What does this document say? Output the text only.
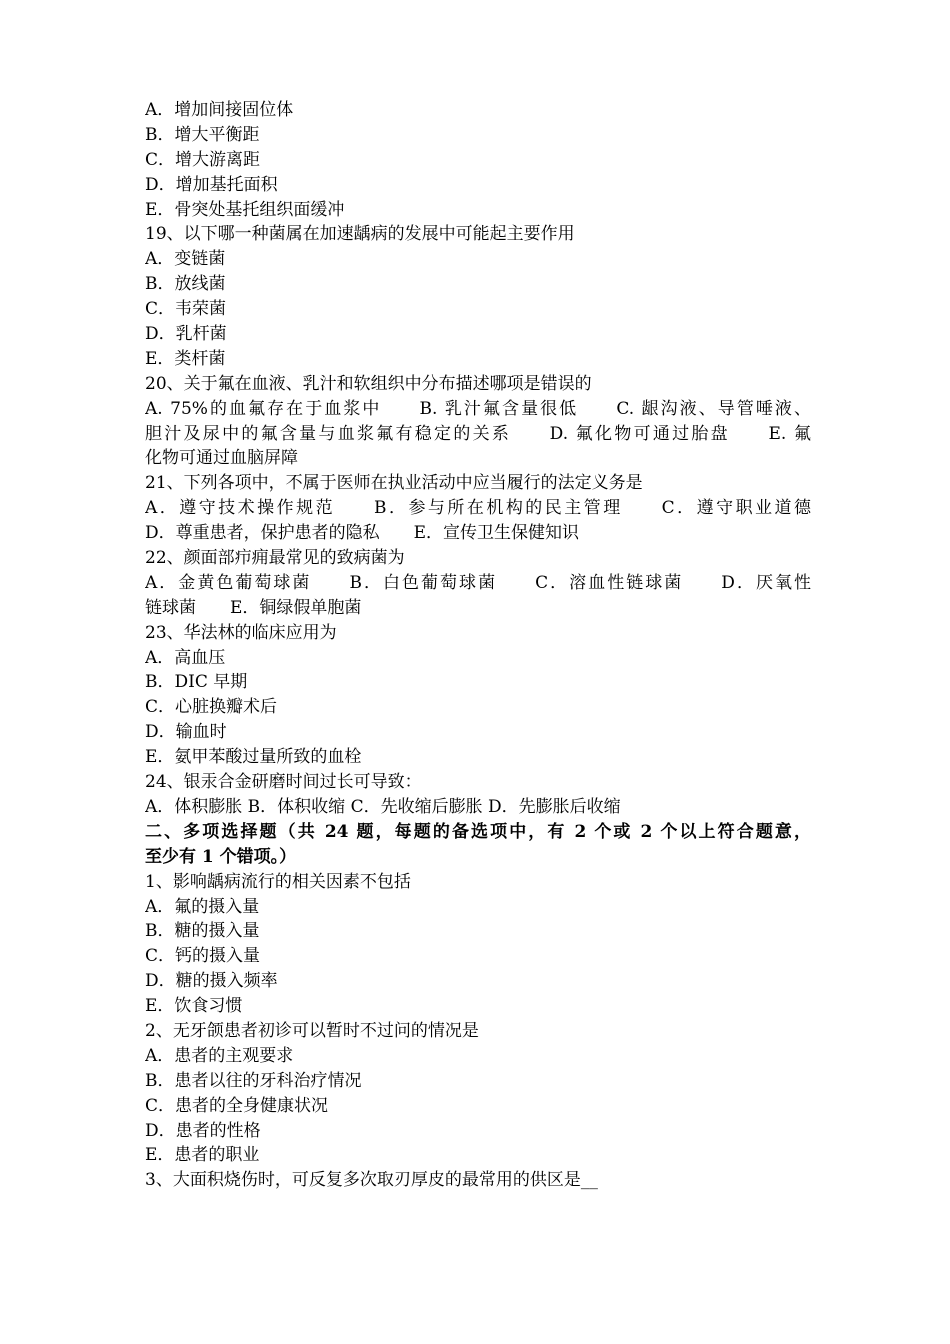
A．增加间接固位体
B．增大平衡距
C．增大游离距
D．增加基托面积
E．骨突处基托组织面缓冲
19、以下哪一种菌属在加速龋病的发展中可能起主要作用
A．变链菌
B．放线菌
C．韦荣菌
D．乳杆菌
E．类杆菌
20、关于氟在血液、乳汁和软组织中分布描述哪项是错误的
A. 75%的血氟存在于血浆中　　B. 乳汁氟含量很低　　C. 龈沟液、导管唾液、
胆汁及尿中的氟含量与血浆氟有稳定的关系　　D. 氟化物可通过胎盘　　E. 氟
化物可通过血脑屏障
21、下列各项中，不属于医师在执业活动中应当履行的法定义务是
A．遵守技术操作规范　　B．参与所在机构的民主管理　　C．遵守职业道德
D．尊重患者，保护患者的隐私　　E．宣传卫生保健知识
22、颜面部疖痈最常见的致病菌为
A．金黄色葡萄球菌　　B．白色葡萄球菌　　C．溶血性链球菌　　D．厌氧性
链球菌　　E．铜绿假单胞菌
23、华法林的临床应用为
A．高血压
B．DIC 早期
C．心脏换瓣术后
D．输血时
E．氨甲苯酸过量所致的血栓
24、银汞合金研磨时间过长可导致：
A．体积膨胀 B．体积收缩 C．先收缩后膨胀 D．先膨胀后收缩
二、多项选择题（共 24 题，每题的备选项中，有 2 个或 2 个以上符合题意，
至少有 1 个错项。）
1、影响龋病流行的相关因素不包括
A．氟的摄入量
B．糖的摄入量
C．钙的摄入量
D．糖的摄入频率
E．饮食习惯
2、无牙颌患者初诊可以暂时不过问的情况是
A．患者的主观要求
B．患者以往的牙科治疗情况
C．患者的全身健康状况
D．患者的性格
E．患者的职业
3、大面积烧伤时，可反复多次取刃厚皮的最常用的供区是__
